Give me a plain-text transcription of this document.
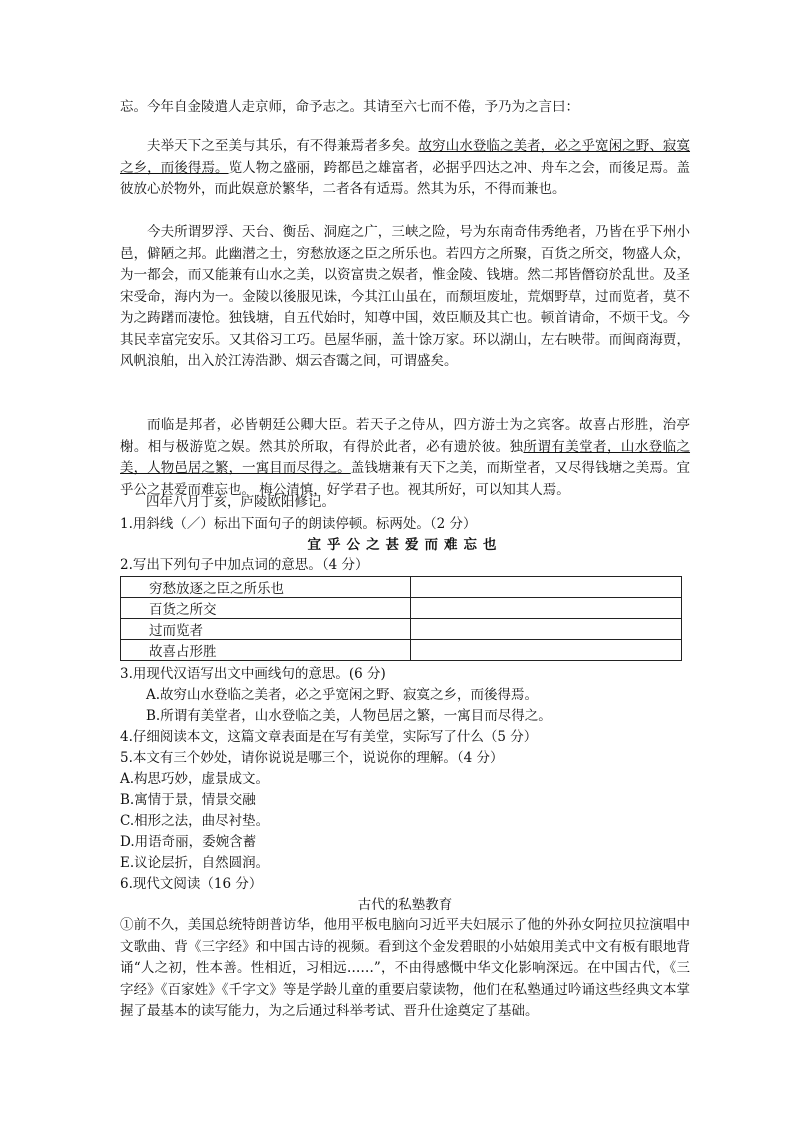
忘。今年自金陵遣人走京师，命予志之。其请至六七而不倦，予乃为之言曰：
夫举天下之至美与其乐，有不得兼焉者多矣。故穷山水登临之美者，必之乎宽闲之野、寂寞之乡，而後得焉。览人物之盛丽，跨都邑之雄富者，必据乎四达之冲、舟车之会，而後足焉。盖彼放心於物外，而此娱意於繁华，二者各有适焉。然其为乐，不得而兼也。
今夫所谓罗浮、天台、衡岳、洞庭之广，三峡之险，号为东南奇伟秀绝者，乃皆在乎下州小邑，僻陋之邦。此幽潜之士，穷愁放逐之臣之所乐也。若四方之所聚，百货之所交，物盛人众，为一都会，而又能兼有山水之美，以资富贵之娱者，惟金陵、钱塘。然二邦皆僭窃於乱世。及圣宋受命，海内为一。金陵以後服见诛，今其江山虽在，而颓垣废址，荒烟野草，过而览者，莫不为之踌躇而凄怆。独钱塘，自五代始时，知尊中国，效臣顺及其亡也。顿首请命，不烦干戈。今其民幸富完安乐。又其俗习工巧。邑屋华丽，盖十馀万家。环以湖山，左右映带。而闽商海贾，风帆浪舶，出入於江涛浩渺、烟云杳霭之间，可谓盛矣。
而临是邦者，必皆朝廷公卿大臣。若天子之侍从，四方游士为之宾客。故喜占形胜，治亭榭。相与极游览之娱。然其於所取，有得於此者，必有遗於彼。独所谓有美堂者，山水登临之美，人物邑居之繁，一寓目而尽得之。盖钱塘兼有天下之美，而斯堂者，又尽得钱塘之美焉。宜乎公之甚爱而难忘也。 梅公清慎，好学君子也。视其所好，可以知其人焉。
四年八月丁亥，庐陵欧阳修记。
1.用斜线（／）标出下面句子的朗读停顿。标两处。（2 分）
宜乎公之甚爱而难忘也
2.写出下列句子中加点词的意思。（4 分）
穷愁放逐之臣之所乐也	
百货之所交	
过而览者	
故喜占形胜	
3.用现代汉语写出文中画线句的意思。(6 分)
A.故穷山水登临之美者，必之乎宽闲之野、寂寞之乡，而後得焉。
B.所谓有美堂者，山水登临之美，人物邑居之繁，一寓目而尽得之。
4.仔细阅读本文，这篇文章表面是在写有美堂，实际写了什么（5 分）
5.本文有三个妙处，请你说说是哪三个，说说你的理解。（4 分）
A.构思巧妙，虚景成文。
B.寓情于景，情景交融
C.相形之法，曲尽衬垫。
D.用语奇丽，委婉含蓄
E.议论层折，自然圆润。
6.现代文阅读（16 分）
古代的私塾教育
①前不久，美国总统特朗普访华，他用平板电脑向习近平夫妇展示了他的外孙女阿拉贝拉演唱中文歌曲、背《三字经》和中国古诗的视频。看到这个金发碧眼的小姑娘用美式中文有板有眼地背诵“人之初，性本善。性相近，习相远……”，不由得感慨中华文化影响深远。在中国古代，《三字经》《百家姓》《千字文》等是学龄儿童的重要启蒙读物，他们在私塾通过吟诵这些经典文本掌握了最基本的读写能力，为之后通过科举考试、晋升仕途奠定了基础。
